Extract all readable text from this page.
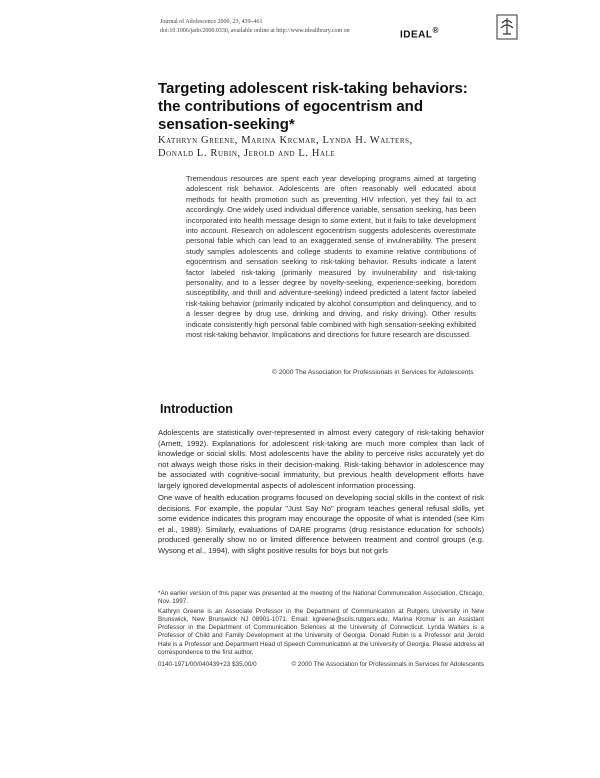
Journal of Adolescence 2000, 23, 439–461
doi:10.1006/jado.2000.0330, available online at http://www.idealibrary.com on	IDEAL®
Targeting adolescent risk-taking behaviors: the contributions of egocentrism and sensation-seeking*
Kathryn Greene, Marina Krcmar, Lynda H. Walters,
Donald L. Rubin, Jerold and L. Hale

Tremendous resources are spent each year developing programs aimed at targeting adolescent risk behavior. Adolescents are often reasonably well educated about methods for health promotion such as preventing HIV infection, yet they fail to act accordingly. One widely used individual difference variable, sensation seeking, has been incorporated into health message design to some extent, but it fails to take development into account. Research on adolescent egocentrism suggests adolescents overestimate personal fable which can lead to an exaggerated sense of invulnerability. The present study samples adolescents and college students to examine relative contributions of egocentrism and sensation seeking to risk-taking behavior. Results indicate a latent factor labeled risk-taking (primarily measured by invulnerability and risk-taking personality, and to a lesser degree by novelty-seeking, experience-seeking, boredom susceptibility, and thrill and adventure-seeking) indeed predicted a latent factor labeled risk-taking behavior (primarily indicated by alcohol consumption and delinquency, and to a lesser degree by drug use, drinking and driving, and risky driving). Other results indicate consistently high personal fable combined with high sensation-seeking exhibited most risk-taking behavior. Implications and directions for future research are discussed.

© 2000 The Association for Professionals in Services for Adolescents
Introduction

Adolescents are statistically over-represented in almost every category of risk-taking behavior (Arnett, 1992). Explanations for adolescent risk-taking are much more complex than lack of knowledge or social skills. Most adolescents have the ability to perceive risks accurately yet do not always weigh those risks in their decision-making. Risk-taking behavior in adolescence may be associated with cognitive-social immaturity, but previous health development efforts have largely ignored developmental aspects of adolescent information processing.

One wave of health education programs focused on developing social skills in the context of risk decisions. For example, the popular "Just Say No" program teaches general refusal skills, yet some evidence indicates this program may encourage the opposite of what is intended (see Kim et al., 1989). Similarly, evaluations of DARE programs (drug resistance education for schools) produced generally show no or limited difference between treatment and control groups (e.g. Wysong et al., 1994), with slight positive results for boys but not girls

*An earlier version of this paper was presented at the meeting of the National Communication Association, Chicago, Nov. 1997.

Kathryn Greene is an Associate Professor in the Department of Communication at Rutgers University in New Brunswick, New Brunswick NJ 08901-1071. Email: kgreene@scils.rutgers.edu. Marina Krcmar is an Assistant Professor in the Department of Communication Sciences at the University of Connecticut. Lynda Walters is a Professor of Child and Family Development at the University of Georgia. Donald Rubin is a Professor and Jerold Hale is a Professor and Department Head of Speech Communication at the University of Georgia. Please address all correspondence to the first author.

0140-1971/00/040439+23 $35.00/0	© 2000 The Association for Professionals in Services for Adolescents
